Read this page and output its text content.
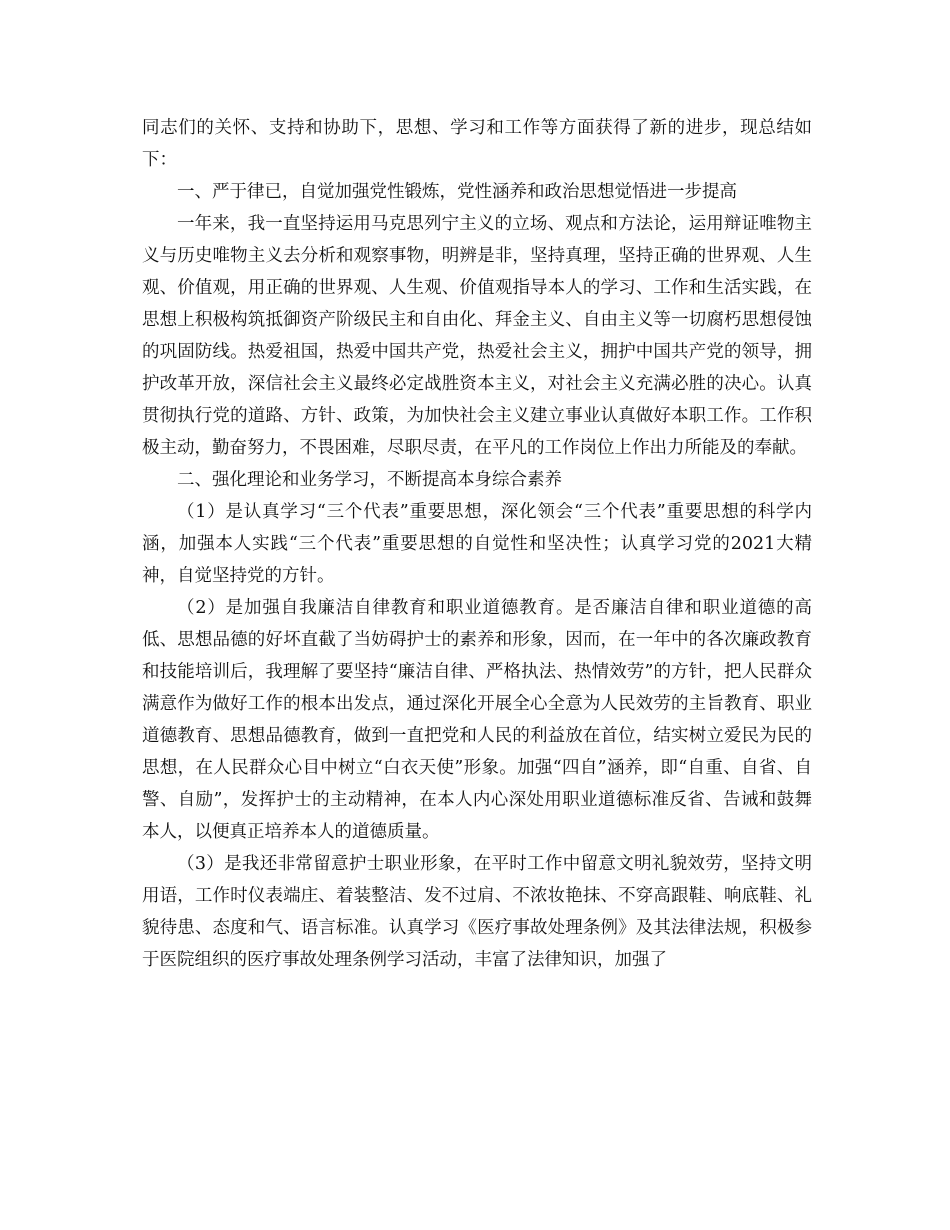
同志们的关怀、支持和协助下，思想、学习和工作等方面获得了新的进步，现总结如下：

一、严于律已，自觉加强党性锻炼，党性涵养和政治思想觉悟进一步提高

一年来，我一直坚持运用马克思列宁主义的立场、观点和方法论，运用辩证唯物主义与历史唯物主义去分析和观察事物，明辨是非，坚持真理，坚持正确的世界观、人生观、价值观，用正确的世界观、人生观、价值观指导本人的学习、工作和生活实践，在思想上积极构筑抵御资产阶级民主和自由化、拜金主义、自由主义等一切腐朽思想侵蚀的巩固防线。热爱祖国，热爱中国共产党，热爱社会主义，拥护中国共产党的领导，拥护改革开放，深信社会主义最终必定战胜资本主义，对社会主义充满必胜的决心。认真贯彻执行党的道路、方针、政策，为加快社会主义建立事业认真做好本职工作。工作积极主动，勤奋努力，不畏困难，尽职尽责，在平凡的工作岗位上作出力所能及的奉献。

二、强化理论和业务学习，不断提高本身综合素养

（1）是认真学习“三个代表”重要思想，深化领会“三个代表”重要思想的科学内涵，加强本人实践“三个代表”重要思想的自觉性和坚决性；认真学习党的2021大精神，自觉坚持党的方针。

（2）是加强自我廉洁自律教育和职业道德教育。是否廉洁自律和职业道德的高低、思想品德的好坏直截了当妨碍护士的素养和形象，因而，在一年中的各次廉政教育和技能培训后，我理解了要坚持“廉洁自律、严格执法、热情效劳”的方针，把人民群众满意作为做好工作的根本出发点，通过深化开展全心全意为人民效劳的主旨教育、职业道德教育、思想品德教育，做到一直把党和人民的利益放在首位，结实树立爱民为民的思想，在人民群众心目中树立“白衣天使”形象。加强“四自”涵养，即“自重、自省、自警、自励”，发挥护士的主动精神，在本人内心深处用职业道德标准反省、告诫和鼓舞本人，以便真正培养本人的道德质量。

（3）是我还非常留意护士职业形象，在平时工作中留意文明礼貌效劳，坚持文明用语，工作时仪表端庄、着装整洁、发不过肩、不浓妆艳抹、不穿高跟鞋、响底鞋、礼貌待患、态度和气、语言标准。认真学习《医疗事故处理条例》及其法律法规，积极参于医院组织的医疗事故处理条例学习活动，丰富了法律知识，加强了
